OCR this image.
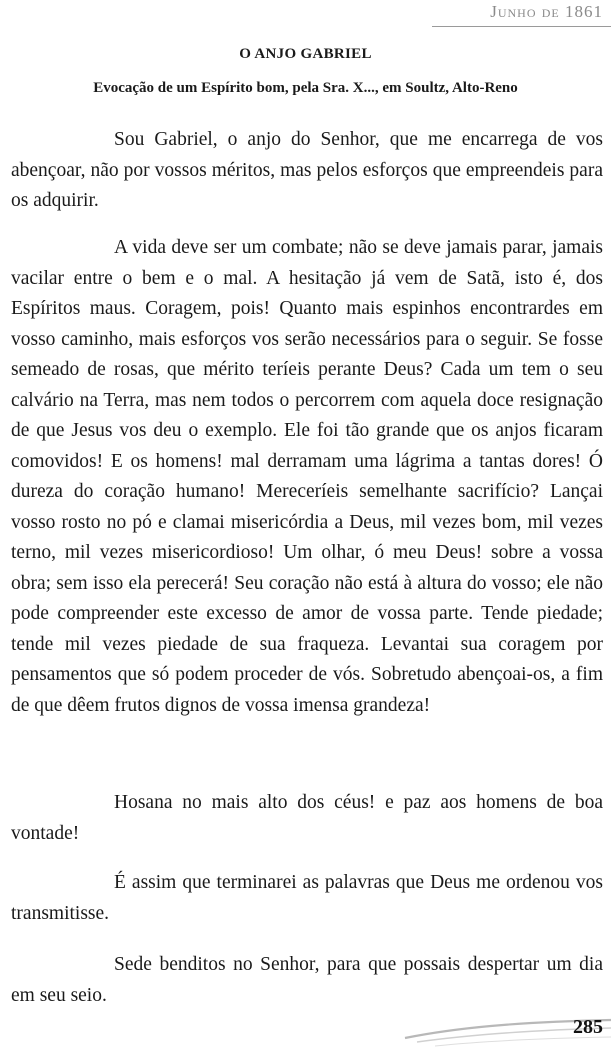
Junho de 1861
O ANJO GABRIEL
Evocação de um Espírito bom, pela Sra. X..., em Soultz, Alto-Reno

Sou Gabriel, o anjo do Senhor, que me encarrega de vos abençoar, não por vossos méritos, mas pelos esforços que empreendeis para os adquirir.

A vida deve ser um combate; não se deve jamais parar, jamais vacilar entre o bem e o mal. A hesitação já vem de Satã, isto é, dos Espíritos maus. Coragem, pois! Quanto mais espinhos encontrardes em vosso caminho, mais esforços vos serão necessários para o seguir. Se fosse semeado de rosas, que mérito teríeis perante Deus? Cada um tem o seu calvário na Terra, mas nem todos o percorrem com aquela doce resignação de que Jesus vos deu o exemplo. Ele foi tão grande que os anjos ficaram comovidos! E os homens! mal derramam uma lágrima a tantas dores! Ó dureza do coração humano! Mereceríeis semelhante sacrifício? Lançai vosso rosto no pó e clamai misericórdia a Deus, mil vezes bom, mil vezes terno, mil vezes misericordioso! Um olhar, ó meu Deus! sobre a vossa obra; sem isso ela perecerá! Seu coração não está à altura do vosso; ele não pode compreender este excesso de amor de vossa parte. Tende piedade; tende mil vezes piedade de sua fraqueza. Levantai sua coragem por pensamentos que só podem proceder de vós. Sobretudo abençoai-os, a fim de que dêem frutos dignos de vossa imensa grandeza!

Hosana no mais alto dos céus! e paz aos homens de boa vontade!

É assim que terminarei as palavras que Deus me ordenou vos transmitisse.

Sede benditos no Senhor, para que possais despertar um dia em seu seio.

285
